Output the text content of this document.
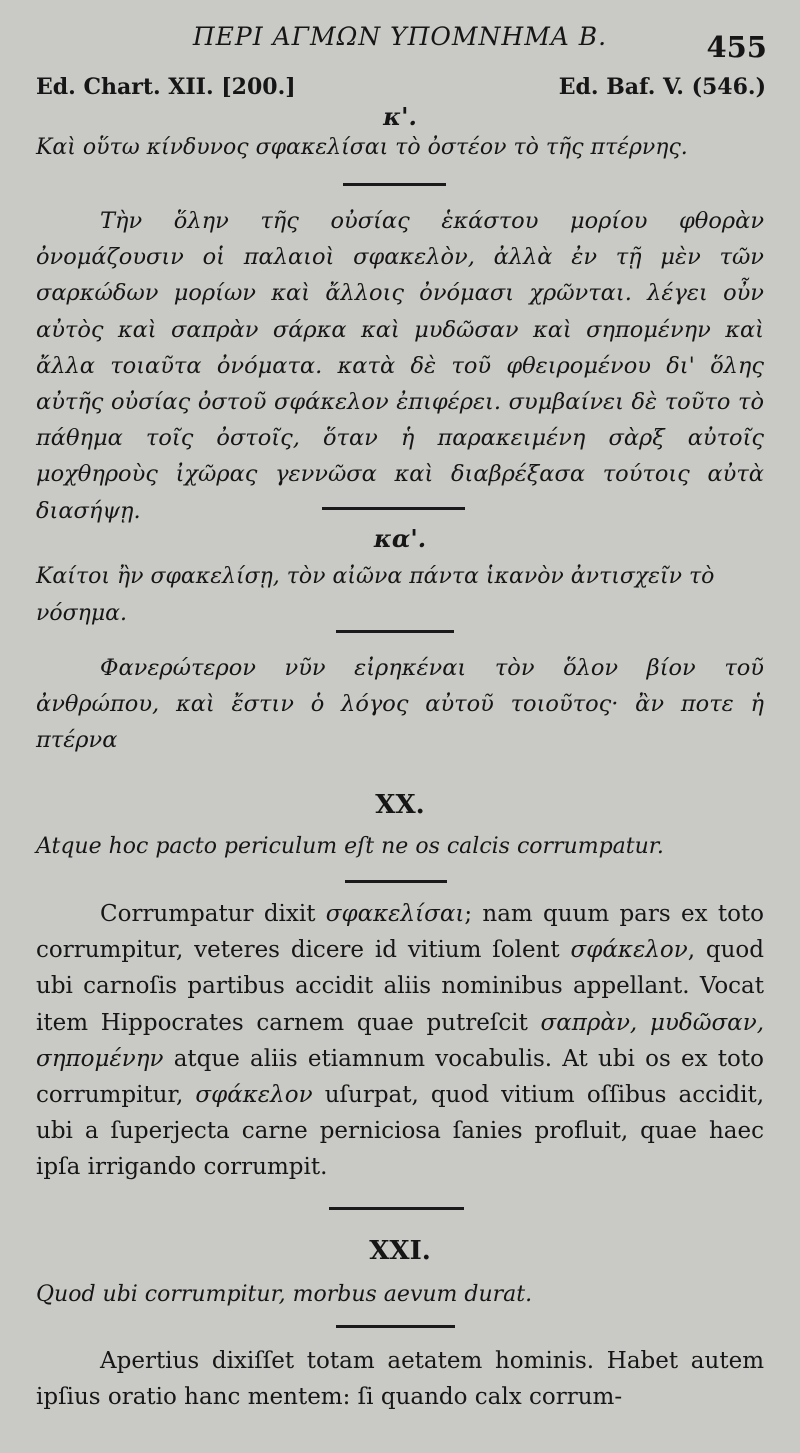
ΠΕΡΙ ΑΓΜΩΝ ΥΠΟΜΝΗΜΑ Β.	455
Ed. Chart. XII. [200.]	Ed. Baf. V. (546.)
κ'.
Καὶ οὕτω κίνδυνος σφακελίσαι τὸ ὀστέον τὸ τῆς πτέρνης.
Τὴν ὅλην τῆς οὐσίας ἑκάστου μορίου φθορὰν ὀνομάζουσιν οἱ παλαιοὶ σφακελὸν, ἀλλὰ ἐν τῇ μὲν τῶν σαρκώδων μορίων καὶ ἄλλοις ὀνόμασι χρῶνται. λέγει οὖν αὐτὸς καὶ σαπρὰν σάρκα καὶ μυδῶσαν καὶ σηπομένην καὶ ἄλλα τοιαῦτα ὀνόματα. κατὰ δὲ τοῦ φθειρομένου δι' ὅλης αὐτῆς οὐσίας ὀστοῦ σφάκελον ἐπιφέρει. συμβαίνει δὲ τοῦτο τὸ πάθημα τοῖς ὀστοῖς, ὅταν ἡ παρακειμένη σὰρξ αὐτοῖς μοχθηροὺς ἰχῶρας γεννῶσα καὶ διαβρέξασα τούτοις αὐτὰ διασήψῃ.
κα'.
Καίτοι ἢν σφακελίσῃ, τὸν αἰῶνα πάντα ἱκανὸν ἀντισχεῖν τὸ νόσημα.
Φανερώτερον νῦν εἰρηκέναι τὸν ὅλον βίον τοῦ ἀνθρώπου, καὶ ἔστιν ὁ λόγος αὐτοῦ τοιοῦτος· ἂν ποτε ἡ πτέρνα
XX.
Atque hoc pacto periculum eſt ne os calcis corrumpatur.
Corrumpatur dixit σφακελίσαι; nam quum pars ex toto corrumpitur, veteres dicere id vitium ſolent σφάκελον, quod ubi carnoſis partibus accidit aliis nominibus appellant. Vocat item Hippocrates carnem quae putreſcit σαπρὰν, μυδῶσαν, σηπομένην atque aliis etiamnum vocabulis. At ubi os ex toto corrumpitur, σφάκελον uſurpat, quod vitium oſſibus accidit, ubi a ſuperjecta carne perniciosa ſanies profluit, quae haec ipſa irrigando corrumpit.
XXI.
Quod ubi corrumpitur, morbus aevum durat.
Apertius dixiſſet totam aetatem hominis. Habet autem ipſius oratio hanc mentem: ſi quando calx corrum-
